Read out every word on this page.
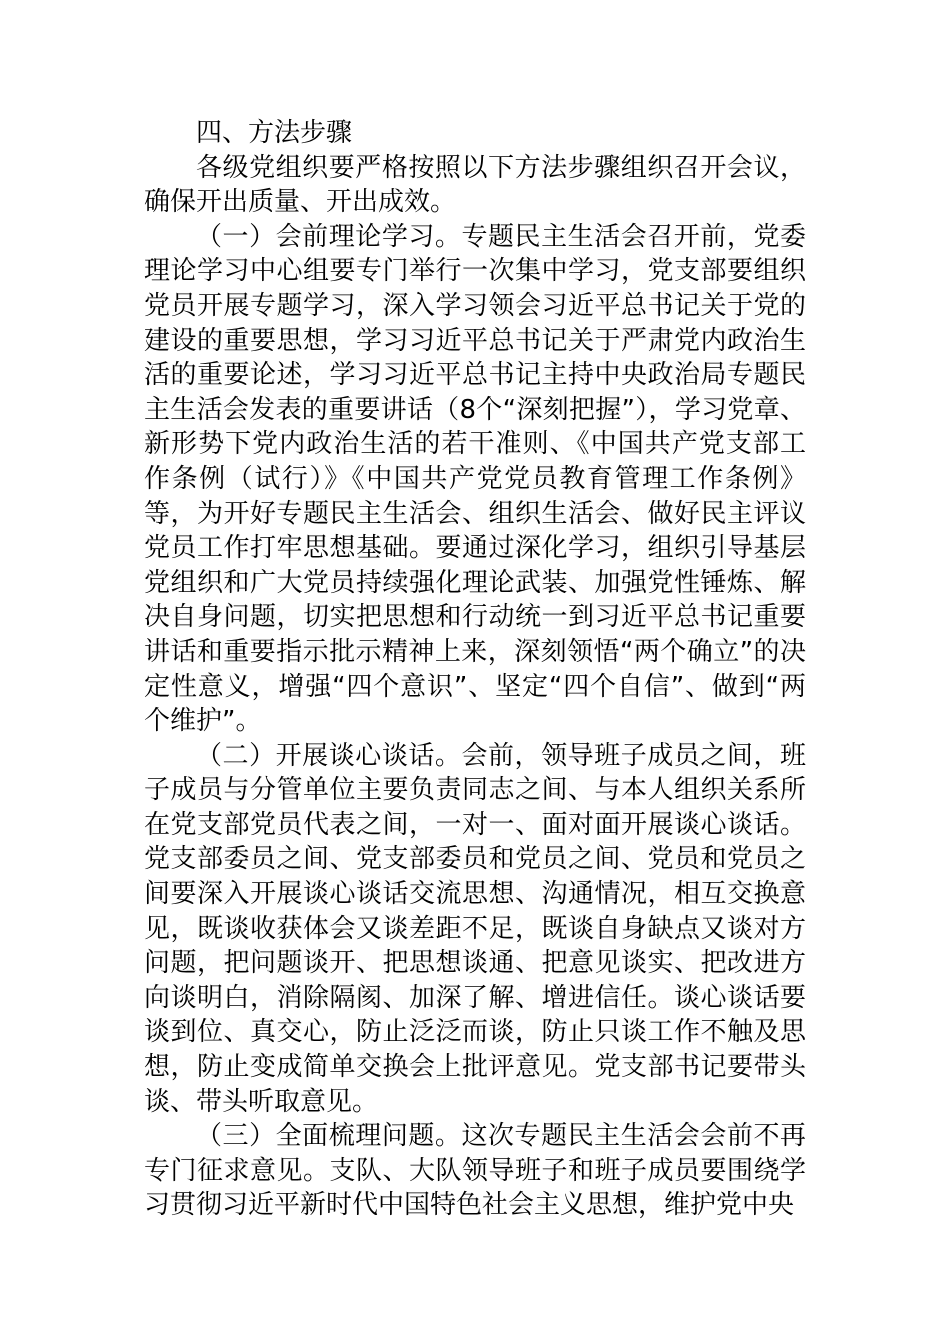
四、方法步骤

各级党组织要严格按照以下方法步骤组织召开会议，确保开出质量、开出成效。

（一）会前理论学习。专题民主生活会召开前，党委理论学习中心组要专门举行一次集中学习，党支部要组织党员开展专题学习，深入学习领会习近平总书记关于党的建设的重要思想，学习习近平总书记关于严肃党内政治生活的重要论述，学习习近平总书记主持中央政治局专题民主生活会发表的重要讲话（8个“深刻把握”），学习党章、新形势下党内政治生活的若干准则、《中国共产党支部工作条例（试行）》《中国共产党党员教育管理工作条例》等，为开好专题民主生活会、组织生活会、做好民主评议党员工作打牢思想基础。要通过深化学习，组织引导基层党组织和广大党员持续强化理论武装、加强党性锤炼、解决自身问题，切实把思想和行动统一到习近平总书记重要讲话和重要指示批示精神上来，深刻领悟“两个确立”的决定性意义，增强“四个意识”、坚定“四个自信”、做到“两个维护”。

（二）开展谈心谈话。会前，领导班子成员之间，班子成员与分管单位主要负责同志之间、与本人组织关系所在党支部党员代表之间，一对一、面对面开展谈心谈话。党支部委员之间、党支部委员和党员之间、党员和党员之间要深入开展谈心谈话交流思想、沟通情况，相互交换意见，既谈收获体会又谈差距不足，既谈自身缺点又谈对方问题，把问题谈开、把思想谈通、把意见谈实、把改进方向谈明白，消除隔阂、加深了解、增进信任。谈心谈话要谈到位、真交心，防止泛泛而谈，防止只谈工作不触及思想，防止变成简单交换会上批评意见。党支部书记要带头谈、带头听取意见。

（三）全面梳理问题。这次专题民主生活会会前不再专门征求意见。支队、大队领导班子和班子成员要围绕学习贯彻习近平新时代中国特色社会主义思想，维护党中央
